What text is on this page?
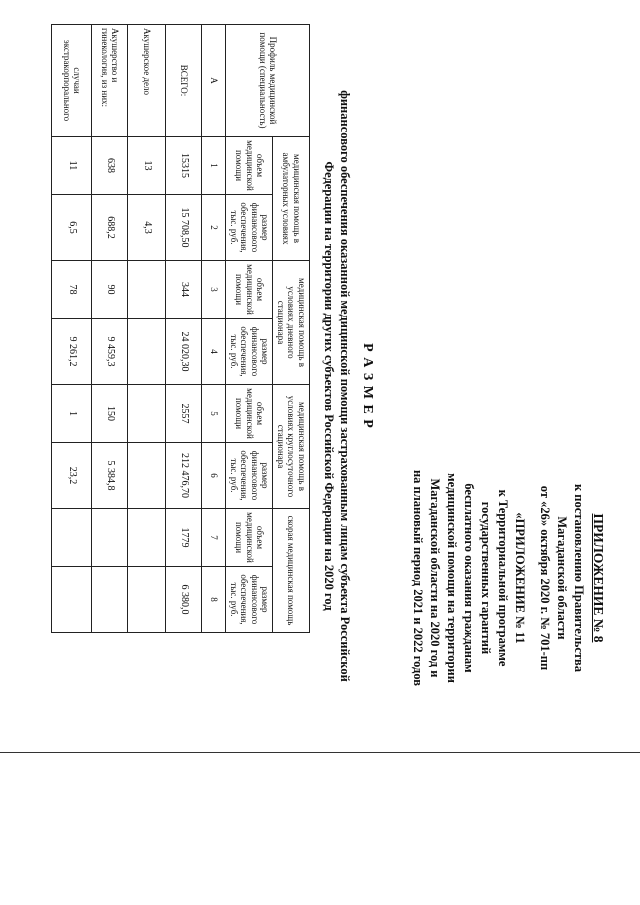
ПРИЛОЖЕНИЕ № 8
к постановлению Правительства
Магаданской области
от «26» октября 2020 г. № 701-пп
«ПРИЛОЖЕНИЕ № 11
к Территориальной программе
государственных гарантий
бесплатного оказания гражданам
медицинской помощи на территории
Магаданской области на 2020 год и
на плановый период 2021 и 2022 годов
Р А З М Е Р
финансового обеспечения оказанной медицинской помощи застрахованным лицам субъекта Российской
Федерации на территории других субъектов Российской Федерации на 2020 год
Профиль медицинской помощи (специальность)	медицинская помощь в амбулаторных условиях		медицинская помощь в условиях дневного стационара		медицинская помощь в условиях круглосуточного стационара		скорая медицинская помощь	
	объем медицинской помощи	размер финансового обеспечения, тыс. руб.	объем медицинской помощи	размер финансового обеспечения, тыс. руб.	объем медицинской помощи	размер финансового обеспечения, тыс. руб.	объем медицинской помощи	размер финансового обеспечения, тыс. руб.
А	1	2	3	4	5	6	7	8
ВСЕГО:	15315	15 708,50	344	24 020,30	2557	212 476,70	1779	6 380,0
Акушерское дело	13	4,3						
Акушерство и гинекология, из них:	638	688,2	90	9 459,3	150	5 384,8		
случаи экстракорпорального	11	6,5	78	9 261,2	1	23,2		
